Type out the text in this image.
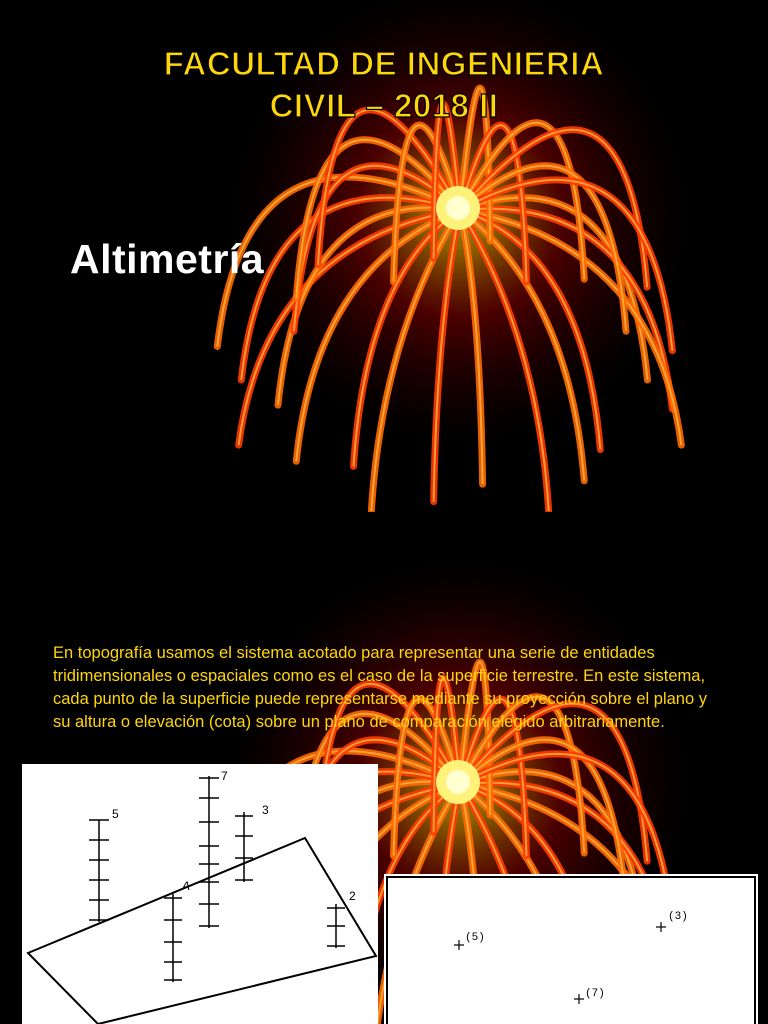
FACULTAD DE INGENIERIA
CIVIL – 2018 II
Altimetría
En topografía usamos el sistema acotado para representar una serie de entidades tridimensionales o espaciales como es el caso de la superficie terrestre. En este sistema, cada punto de la superficie puede representarse mediante su proyección sobre el plano y su altura o elevación (cota) sobre un plano de comparación elegido arbitrariamente.
5
7
3
A
2
(5)
(3)
(7)
